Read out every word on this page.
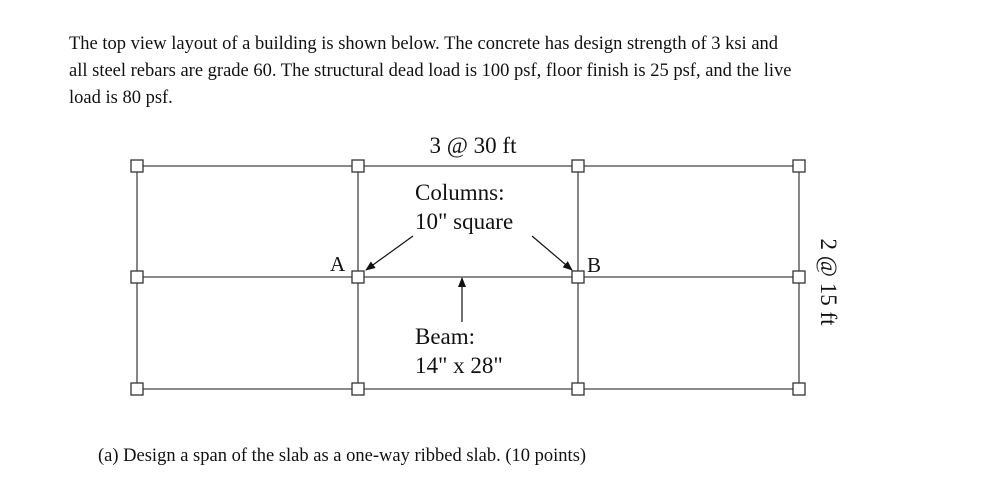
The top view layout of a building is shown below. The concrete has design strength of 3 ksi and
all steel rebars are grade 60. The structural dead load is 100 psf, floor finish is 25 psf, and the live
load is 80 psf.
3 @ 30 ft
Columns:
10" square
A	B
Beam:
14" x 28"
2 @ 15 ft
(a) Design a span of the slab as a one-way ribbed slab. (10 points)
